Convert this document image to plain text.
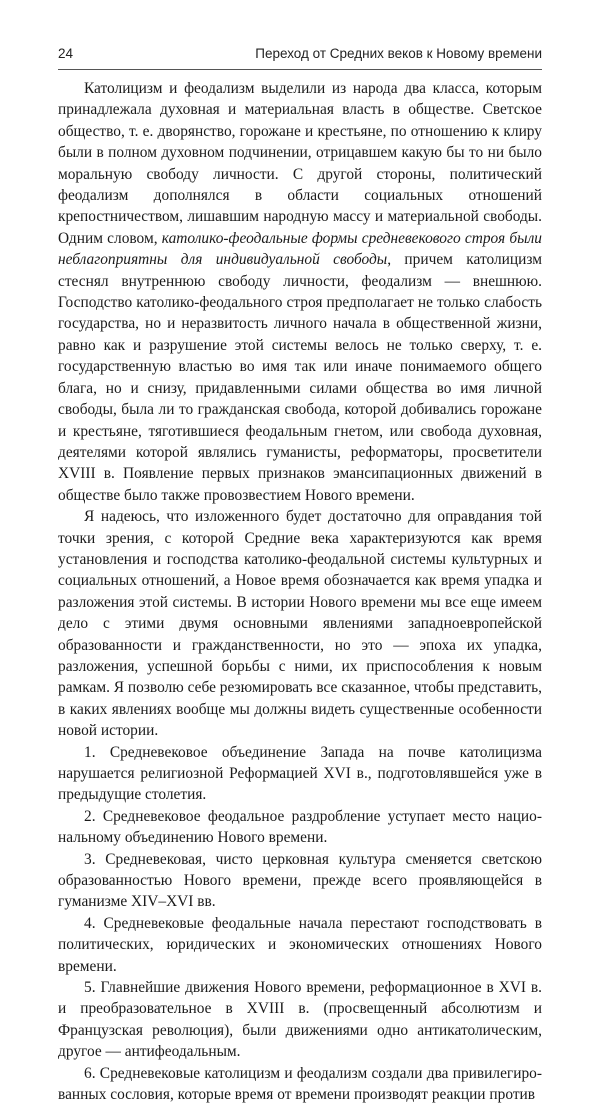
24	Переход от Средних веков к Новому времени

Католицизм и феодализм выделили из народа два класса, которым принадлежала духовная и материальная власть в обществе. Светское общество, т. е. дворянство, горожане и крестьяне, по отношению к клиру были в полном духовном подчинении, отрицавшем какую бы то ни было моральную свободу личности. С другой стороны, политический феодализм дополнялся в области социальных отношений крепостничеством, лишавшим народную массу и материальной свободы. Одним словом, католико-феодальные формы средневекового строя были неблагоприятны для индивидуальной свободы, причем католицизм стеснял внутреннюю свободу личности, феодализм — внешнюю. Господство католико-феодального строя предполагает не только слабость государства, но и неразвитость личного начала в общественной жизни, равно как и разрушение этой системы велось не только сверху, т. е. государственную властью во имя так или иначе понимаемого общего блага, но и снизу, придавленными силами общества во имя личной свободы, была ли то гражданская свобода, которой добивались горожане и крестьяне, тяготившиеся феодальным гнетом, или свобода духовная, деятелями которой являлись гуманисты, реформаторы, просветители XVIII в. Появление первых признаков эмансипационных движений в обществе было также провозвестием Нового времени.

Я надеюсь, что изложенного будет достаточно для оправдания той точки зрения, с которой Средние века характеризуются как время установления и господства католико-феодальной системы культурных и социальных отношений, а Новое время обозначается как время упадка и разложения этой системы. В истории Нового времени мы все еще имеем дело с этими двумя основными явлениями западноевропейской образованности и гражданственности, но это — эпоха их упадка, разложения, успешной борьбы с ними, их приспособления к новым рамкам. Я позволю себе резюмировать все сказанное, чтобы представить, в каких явлениях вообще мы должны видеть существенные особенности новой истории.

1. Средневековое объединение Запада на почве католицизма нарушается религиозной Реформацией XVI в., подготовлявшейся уже в предыдущие столетия.

2. Средневековое феодальное раздробление уступает место национальному объединению Нового времени.

3. Средневековая, чисто церковная культура сменяется светскою образованностью Нового времени, прежде всего проявляющейся в гуманизме XIV–XVI вв.

4. Средневековые феодальные начала перестают господствовать в политических, юридических и экономических отношениях Нового времени.

5. Главнейшие движения Нового времени, реформационное в XVI в. и преобразовательное в XVIII в. (просвещенный абсолютизм и Французская революция), были движениями одно антикатолическим, другое — антифеодальным.

6. Средневековые католицизм и феодализм создали два привилегированных сословия, которые время от времени производят реакции против
